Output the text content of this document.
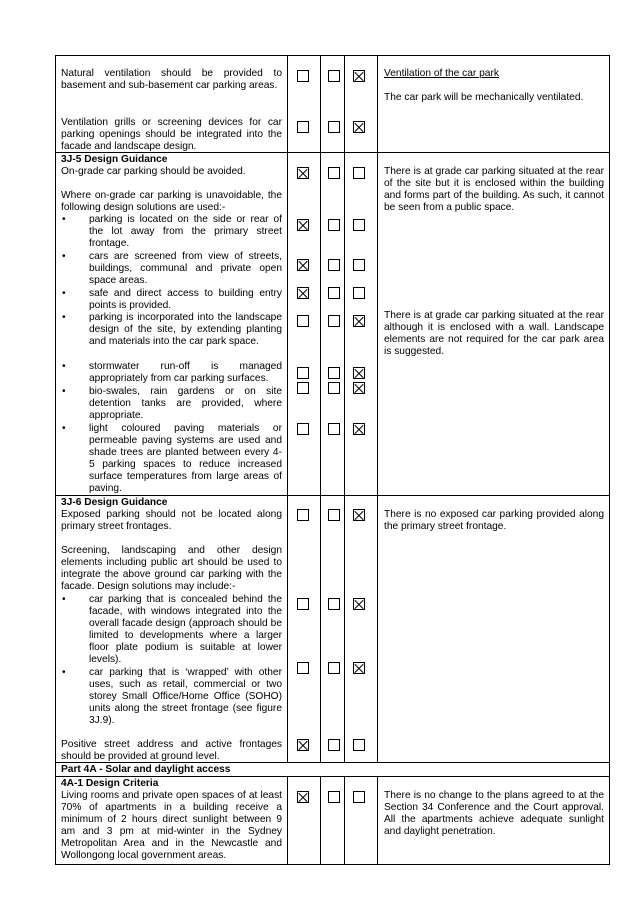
Natural ventilation should be provided to basement and sub-basement car parking areas.

Ventilation grills or screening devices for car parking openings should be integrated into the facade and landscape design.

Ventilation of the car park

The car park will be mechanically ventilated.

3J-5 Design Guidance

On-grade car parking should be avoided.

Where on-grade car parking is unavoidable, the following design solutions are used:-

• parking is located on the side or rear of the lot away from the primary street frontage.

• cars are screened from view of streets, buildings, communal and private open space areas.

• safe and direct access to building entry points is provided.

• parking is incorporated into the landscape design of the site, by extending planting and materials into the car park space.

• stormwater run-off is managed appropriately from car parking surfaces.

• bio-swales, rain gardens or on site detention tanks are provided, where appropriate.

• light coloured paving materials or permeable paving systems are used and shade trees are planted between every 4-5 parking spaces to reduce increased surface temperatures from large areas of paving.

There is at grade car parking situated at the rear of the site but it is enclosed within the building and forms part of the building. As such, it cannot be seen from a public space.

There is at grade car parking situated at the rear although it is enclosed with a wall. Landscape elements are not required for the car park area is suggested.

3J-6 Design Guidance

Exposed parking should not be located along primary street frontages.

Screening, landscaping and other design elements including public art should be used to integrate the above ground car parking with the facade. Design solutions may include:-

• car parking that is concealed behind the facade, with windows integrated into the overall facade design (approach should be limited to developments where a larger floor plate podium is suitable at lower levels).

• car parking that is ‘wrapped’ with other uses, such as retail, commercial or two storey Small Office/Home Office (SOHO) units along the street frontage (see figure 3J.9).

Positive street address and active frontages should be provided at ground level.

There is no exposed car parking provided along the primary street frontage.

Part 4A - Solar and daylight access

4A-1 Design Criteria

Living rooms and private open spaces of at least 70% of apartments in a building receive a minimum of 2 hours direct sunlight between 9 am and 3 pm at mid-winter in the Sydney Metropolitan Area and in the Newcastle and Wollongong local government areas.

There is no change to the plans agreed to at the Section 34 Conference and the Court approval. All the apartments achieve adequate sunlight and daylight penetration.
